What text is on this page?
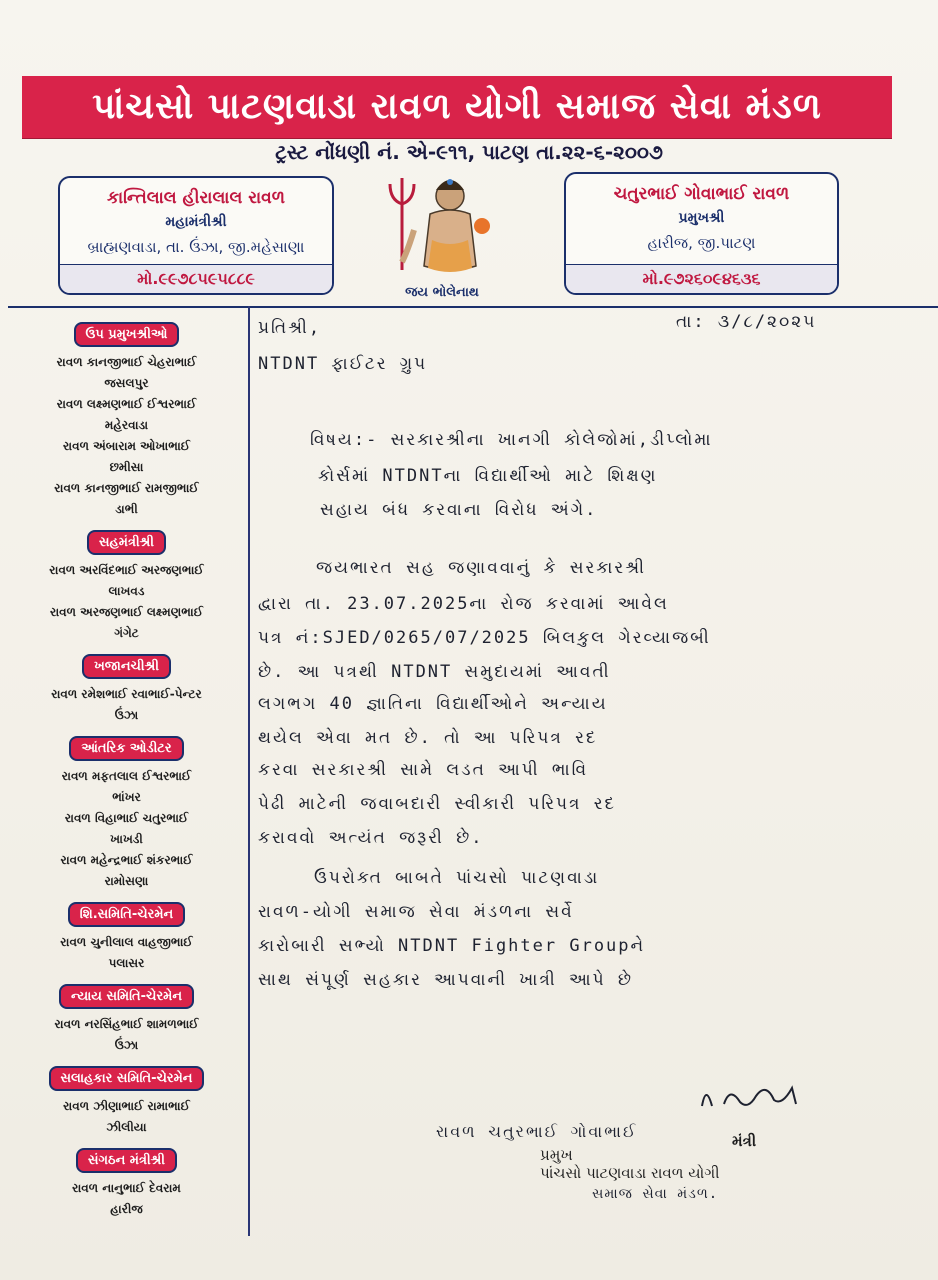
પાંચસો પાટણવાડા રાવળ યોગી સમાજ સેવા મંડળ
ટ્રસ્ટ નોંધણી નં. એ-૯૧૧, પાટણ તા.૨૨-૬-૨૦૦૭
કાન્તિલાલ હીરાલાલ રાવળ
મહામંત્રીશ્રી
બ્રાહ્મણવાડા, તા. ઉંઝા, જી.મહેસાણા
મો.૯૯૭૮૫૯૫૮૮૯
જય ભોલેનાથ
ચતુરભાઈ ગોવાભાઈ રાવળ
પ્રમુખશ્રી
હારીજ, જી.પાટણ
મો.૯૭૨૬૦૯૪૬૩૬
ઉપ પ્રમુખશ્રીઓ
રાવળ કાનજીભાઈ ચેહરાભાઈ
જસલપુર
રાવળ લક્ષ્મણભાઈ ઈશ્વરભાઈ
મહેરવાડા
રાવળ અંબારામ ઓખાભાઈ
છમીસા
રાવળ કાનજીભાઈ રામજીભાઈ
ડાભી
સહમંત્રીશ્રી
રાવળ અરવિંદભાઈ અરજણભાઈ
લાખવડ
રાવળ અરજણભાઈ લક્ષ્મણભાઈ
ગંગેટ
ખજાનચીશ્રી
રાવળ રમેશભાઈ રવાભાઈ-પેન્ટર
ઉંઝા
આંતરિક ઓડીટર
રાવળ મફતલાલ ઈશ્વરભાઈ
ભાંખર
રાવળ વિહાભાઈ ચતુરભાઈ
ખાખડી
રાવળ મહેન્દ્રભાઈ શંકરભાઈ
રામોસણા
શિ.સમિતિ-ચેરમેન
રાવળ ચુનીલાલ વાહજીભાઈ
પલાસર
ન્યાય સમિતિ-ચેરમેન
રાવળ નરસિંહભાઈ શામળભાઈ
ઉંઝા
સલાહકાર સમિતિ-ચેરમેન
રાવળ ઝીણાભાઈ રામાભાઈ
ઝીલીયા
સંગઠન મંત્રીશ્રી
રાવળ નાનુભાઈ દેવરામ
હારીજ
પ્રતિશ્રી,	તા: ૩/૮/૨૦૨૫
NTDNT ફાઈટર ગ્રુપ
વિષય:- સરકારશ્રીના ખાનગી કોલેજોમાં,ડીપ્લોમા
કોર્સમાં NTDNTના વિદ્યાર્થીઓ માટે શિક્ષણ
સહાય બંધ કરવાના વિરોધ અંગે.
જયભારત સહ જણાવવાનું કે સરકારશ્રી
દ્વારા તા. 23.07.2025ના રોજ કરવામાં આવેલ
પત્ર નં:SJED/0265/07/2025 બિલકુલ ગેરવ્યાજબી
છે. આ પત્રથી NTDNT સમુદાયમાં આવતી
લગભગ 40 જ્ઞાતિના વિદ્યાર્થીઓને અન્યાય
થયેલ એવા મત છે. તો આ પરિપત્ર રદ
કરવા સરકારશ્રી સામે લડત આપી ભાવિ
પેઢી માટેની જવાબદારી સ્વીકારી પરિપત્ર રદ
કરાવવો અત્યંત જરૂરી છે.
ઉપરોક્ત બાબતે પાંચસો પાટણવાડા
રાવળ-યોગી સમાજ સેવા મંડળના સર્વે
કારોબારી સભ્યો NTDNT Fighter Groupને
સાથ સંપૂર્ણ સહકાર આપવાની ખાત્રી આપે છે
રાવળ ચતુરભાઈ ગોવાભાઈ
પ્રમુખ
મંત્રી
પાંચસો પાટણવાડા રાવળ યોગી
સમાજ સેવા મંડળ.
